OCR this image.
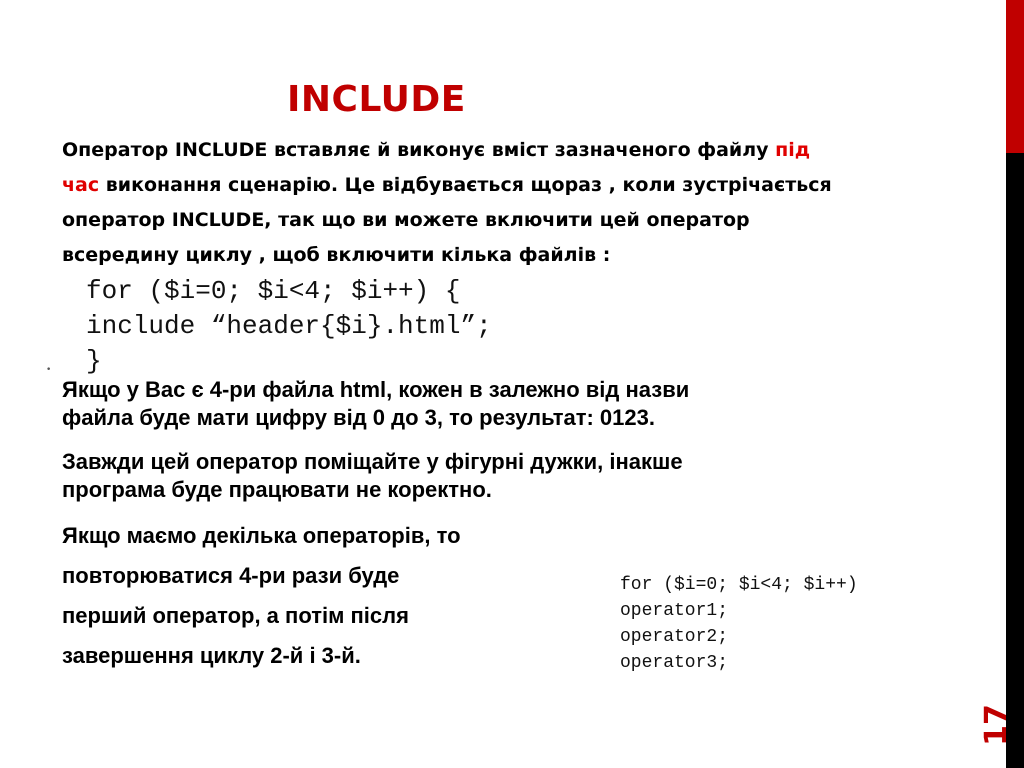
INCLUDE
Оператор INCLUDE вставляє й виконує вміст зазначеного файлу під
час виконання сценарію. Це відбувається щораз , коли зустрічається
оператор INCLUDE, так що ви можете включити цей оператор
всередину циклу , щоб включити кілька файлів :
for ($i=0; $i<4; $i++) {
include “header{$i}.html”;
}
•
Якщо у Вас є 4-ри файла html, кожен в залежно від назви
файла буде мати цифру від 0 до 3, то результат: 0123.
Завжди цей оператор поміщайте у фігурні дужки, інакше
програма буде працювати не коректно.
Якщо маємо декілька операторів, то
повторюватися 4-ри рази буде
перший оператор, а потім після
завершення циклу 2-й і 3-й.
for ($i=0; $i<4; $i++)
operator1;
operator2;
operator3;
17
